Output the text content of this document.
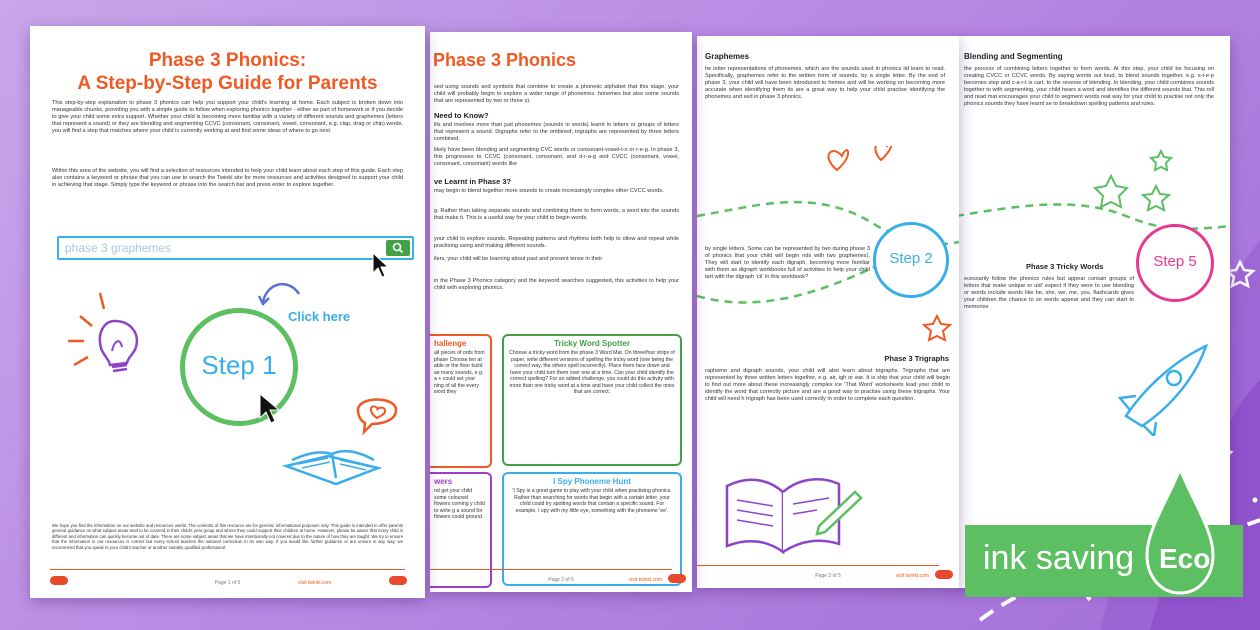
Phase 3 Phonics:
A Step-by-Step Guide for Parents
This step-by-step explanation to phase 3 phonics can help you support your child's learning at home. Each subject is broken down into manageable chunks, providing you with a simple guide to follow when exploring phonics together - either as part of homework or if you decide to give your child some extra support. Whether your child is becoming more familiar with a variety of different sounds and graphemes (letters that represent a sound) or they are blending and segmenting CCVC (consonant, consonant, vowel, consonant, e.g. clap, drag or chip) words, you will find a step that matches where your child is currently working at and find some ideas of where to go next.
Within this area of the website, you will find a selection of resources intended to help your child learn about each step of this guide. Each step also contains a keyword or phrase that you can use to search the Twinkl site for more resources and activities designed to support your child in achieving that stage. Simply type the keyword or phrase into the search bar and press enter to explore together.
phase 3 graphemes
Click here
Step 1
We hope you find the information on our website and resources useful. The contents of this resource are for general, informational purposes only. This guide is intended to offer parents general guidance on what subject areas tend to be covered in their child's year group and where they could support their children at home. However, please be aware that every child is different and information can quickly become out of date. There are some subject areas that we have intentionally not covered due to the nature of how they are taught. We try to ensure that the information in our resources is correct but every school teaches the national curriculum in its own way. If you would like further guidance or are unsure in any way, we recommend that you speak to your child's teacher or another suitably qualified professional.
Page 1 of 5	visit twinkl.com
Phase 3 Phonics
sed using sounds and symbols that combine to create a phonetic alphabet that this stage, your child will probably begin to explore a wider range of phonemes. honemes but also some sounds that are represented by two or three s).
Need to Know?
ills and involves more than just phonemes (sounds in words) learnt in letters or groups of letters that represent a sound. Digraphs refer to the ombined; trigraphs are represented by three letters combined.
likely have been blending and segmenting CVC words or consonant-vowel-t-n or r-e-g. In phase 3, this progresses to CCVC (consonant, consonant, and d-r-a-g and CVCC (consonant, vowel, consonant, consonant) words like
ve Learnt in Phase 3?
may begin to blend together more sounds to create increasingly complex other CVCC words.
g. Rather than taking separate sounds and combining them to form words, a word into the sounds that make it. This is a useful way for your child to begin words.
your child to explore sounds. Repeating patterns and rhythms both help to ollow and repeat while practising using and making different sounds.
ilers, your child will be learning about past and present tense in their
in the Phase 3 Phonics category and the keyword searches suggested, this activities to help your child with exploring phonics.
hallenge
all pieces of ords from phase Choose ten at able or the floor build as many sounds, e.g. a + could set your ning of all the every word they
Tricky Word Spotter
Choose a tricky word from the phase 3 Word Mat. On three/four strips of paper, write different versions of spelling the tricky word (one being the correct way, the others spelt incorrectly). Place them face down and have your child turn them over one at a time. Can your child identify the correct spelling? For an added challenge, you could do this activity with more than one tricky word at a time and have your child collect the ones that are correct.
wers
nd get your child some coloured flowers coming y child to write g a sound for flowers could ground.
I Spy Phoneme Hunt
'I Spy is a great game to play with your child when practising phonics. Rather than searching for words that begin with a certain letter, your child could try spotting words that contain a specific sound. For example, I spy with my little eye, something with the phoneme 'ee'.
Page 2 of 5	visit twinkl.com
Graphemes
he letter representations of phonemes, which are the sounds used in phonics ild learn to read. Specifically, graphemes refer to the written form of sounds. by a single letter. By the end of phase 3, your child will have been introduced to hemes and will be working on becoming more accurate when identifying them its are a great way to help your child practise identifying the phonemes and sed in phase 3 phonics.
Step 2
by single letters. Some can be represented by two during phase 3 of phonics that your child will begin nds with two graphemes). They will start to identify each digraph, becoming more familiar with them as digraph workbooks full of activities to help your child tart with the digraph 'ck' in this workbook?
Phase 3 Trigraphs
rapheme and digraph sounds, your child will also learn about trigraphs. Trigraphs that are represented by three written letters together, e.g. air, igh or ear. It is ship that your child will begin to find out more about these increasingly complex ice 'That Word' worksheets lead your child to identify the word that correctly picture and are a good way to practise using these trigraphs. Your child will need h trigraph has been used correctly in order to complete each question.
Page 3 of 5	visit twinkl.com
Blending and Segmenting
the process of combining letters together to form words. At this step, your child be focusing on creating CVCC or CCVC words. By saying words out loud, to blend sounds together, e.g. s-t-e-p becomes step and c-a-r-t is cart. to the reverse of blending. In blending, your child combines sounds together to with segmenting, your child hears a word and identifies the different sounds that. This roll and read mat encourages your child to segment words reat way for your child to practise not only the phonics sounds they have learnt se to breakdown spelling patterns and rules.
Phase 3 Tricky Words
ecessarily follow the phonics rules but appear contain groups of letters that make unique or uld' expect if they were to use blending or words include words like he, she, we, me, you, flashcards gives your children the chance to se words appear and they can start to memorise
Step 5
ink saving Eco
